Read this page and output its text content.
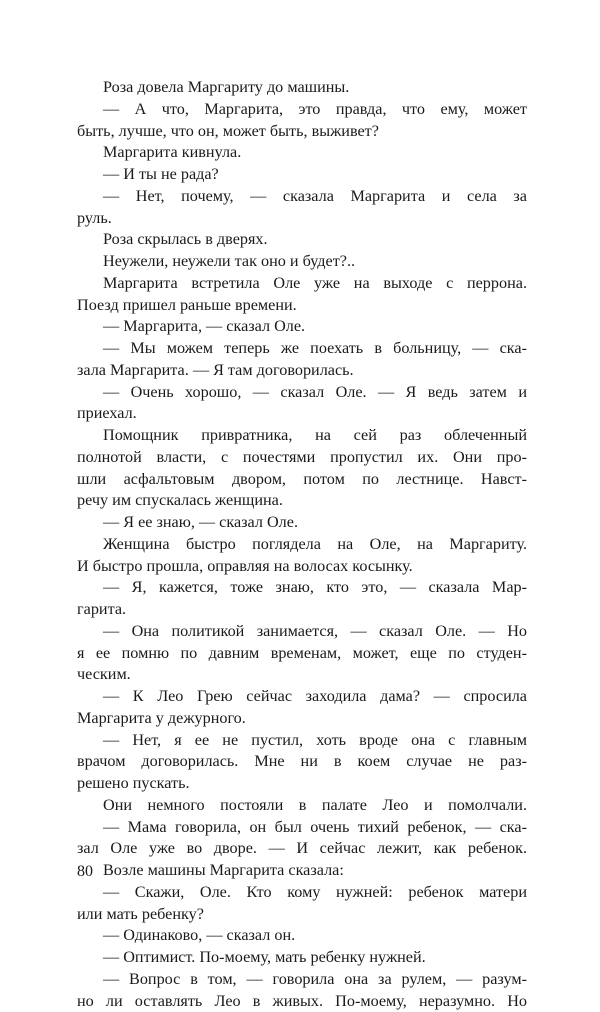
Роза довела Маргариту до машины.
— А что, Маргарита, это правда, что ему, может
быть, лучше, что он, может быть, выживет?
Маргарита кивнула.
— И ты не рада?
— Нет, почему, — сказала Маргарита и села за
руль.
Роза скрылась в дверях.
Неужели, неужели так оно и будет?..
Маргарита встретила Оле уже на выходе с перрона.
Поезд пришел раньше времени.
— Маргарита, — сказал Оле.
— Мы можем теперь же поехать в больницу, — ска-
зала Маргарита. — Я там договорилась.
— Очень хорошо, — сказал Оле. — Я ведь затем и
приехал.
Помощник привратника, на сей раз облеченный
полнотой власти, с почестями пропустил их. Они про-
шли асфальтовым двором, потом по лестнице. Навст-
речу им спускалась женщина.
— Я ее знаю, — сказал Оле.
Женщина быстро поглядела на Оле, на Маргариту.
И быстро прошла, оправляя на волосах косынку.
— Я, кажется, тоже знаю, кто это, — сказала Мар-
гарита.
— Она политикой занимается, — сказал Оле. — Но
я ее помню по давним временам, может, еще по студен-
ческим.
— К Лео Грею сейчас заходила дама? — спросила
Маргарита у дежурного.
— Нет, я ее не пустил, хоть вроде она с главным
врачом договорилась. Мне ни в коем случае не раз-
решено пускать.
Они немного постояли в палате Лео и помолчали.
— Мама говорила, он был очень тихий ребенок, — ска-
зал Оле уже во дворе. — И сейчас лежит, как ребенок.
Возле машины Маргарита сказала:
— Скажи, Оле. Кто кому нужней: ребенок матери
или мать ребенку?
— Одинаково, — сказал он.
— Оптимист. По-моему, мать ребенку нужней.
— Вопрос в том, — говорила она за рулем, — разум-
но ли оставлять Лео в живых. По-моему, неразумно. Но
80
